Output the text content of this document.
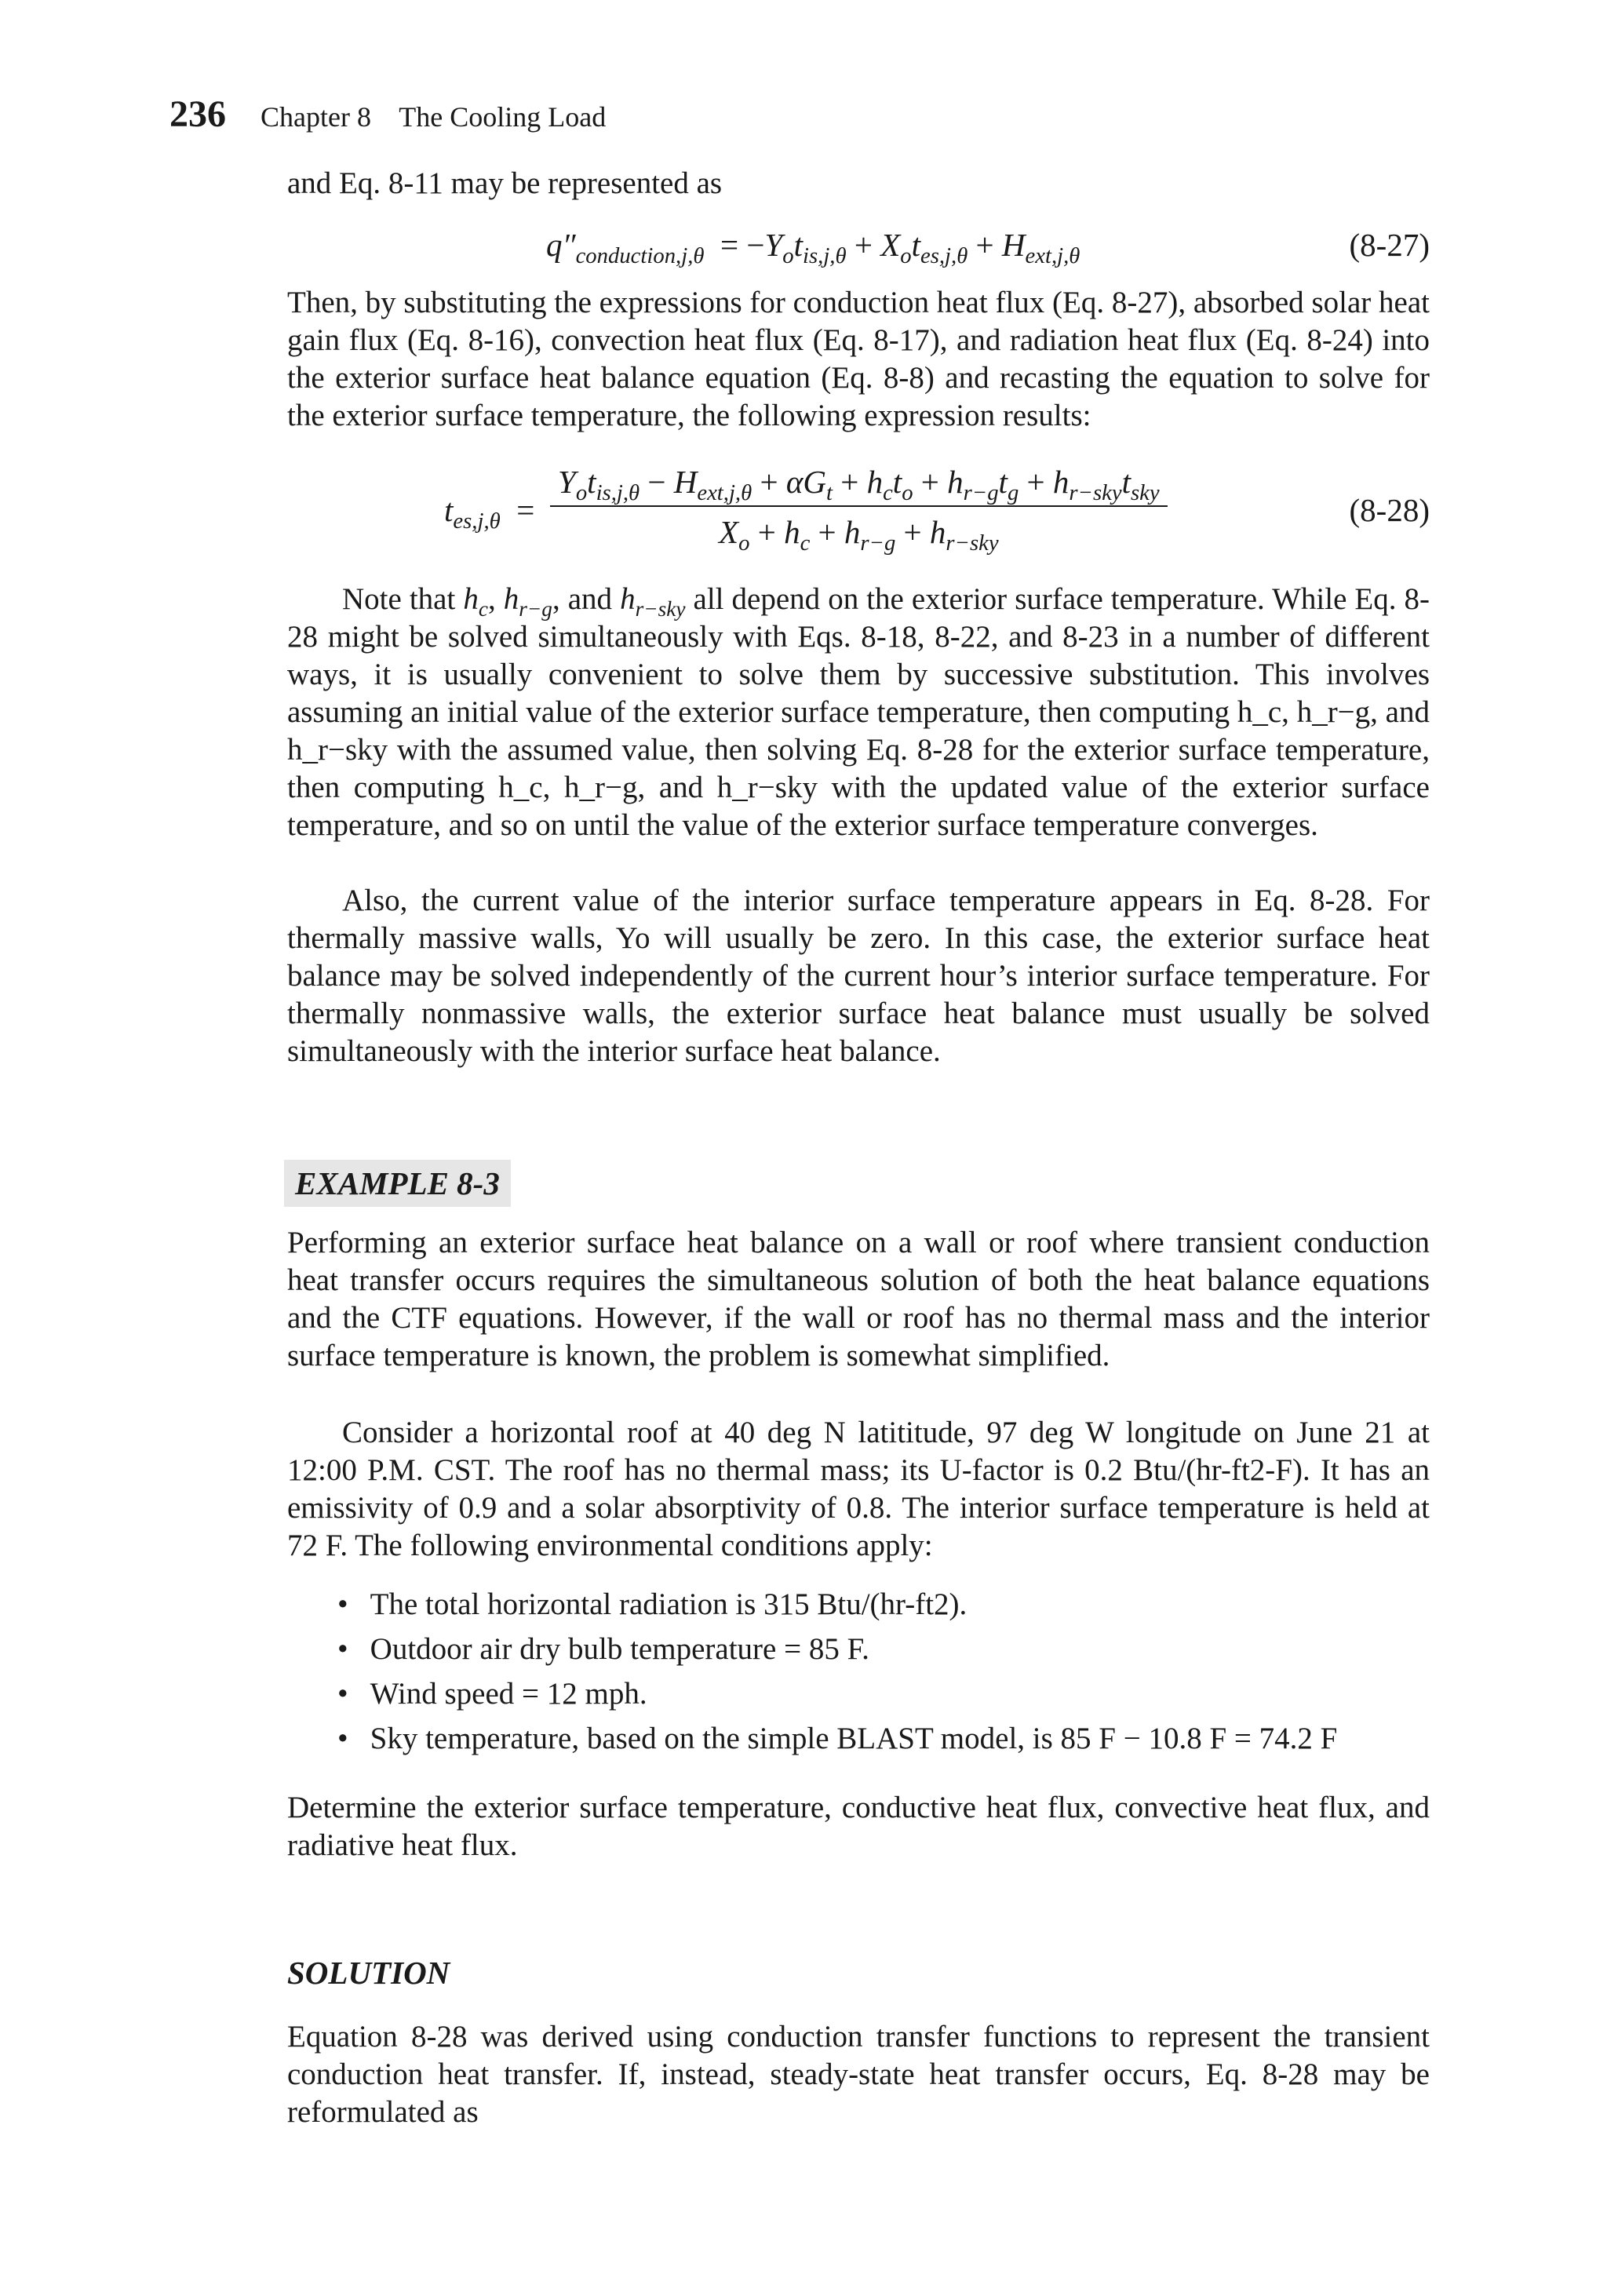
236 Chapter 8    The Cooling Load
and Eq. 8-11 may be represented as
$q''_{conduction,j,\theta} = -Y_ot_{is,j,\theta} + X_ot_{es,j,\theta} + H_{ext,j,\theta}$	(8-27)
Then, by substituting the expressions for conduction heat flux (Eq. 8-27), absorbed solar heat gain flux (Eq. 8-16), convection heat flux (Eq. 8-17), and radiation heat flux (Eq. 8-24) into the exterior surface heat balance equation (Eq. 8-8) and recasting the equation to solve for the exterior surface temperature, the following expression results:
$t_{es,j,\theta}$  =
$Y_ot_{is,j,\theta} - H_{ext,j,\theta} + \alpha G_t + h_ct_o + h_{r-g}t_g + h_{r-sky}t_{sky}$
$X_o + h_c + h_{r-g} + h_{r-sky}$
(8-28)
Note that $h_c$, $h_{r-g}$, and $h_{r-sky}$ all depend on the exterior surface temperature. While Eq. 8-28 might be solved simultaneously with Eqs. 8-18, 8-22, and 8-23 in a number of different ways, it is usually convenient to solve them by successive substitution. This involves assuming an initial value of the exterior surface temperature, then computing h_c, h_r−g, and h_r−sky with the assumed value, then solving Eq. 8-28 for the exterior surface temperature, then computing h_c, h_r−g, and h_r−sky with the updated value of the exterior surface temperature, and so on until the value of the exterior surface temperature converges.
Also, the current value of the interior surface temperature appears in Eq. 8-28. For thermally massive walls, Yo will usually be zero. In this case, the exterior surface heat balance may be solved independently of the current hour’s interior surface temperature. For thermally nonmassive walls, the exterior surface heat balance must usually be solved simultaneously with the interior surface heat balance.
EXAMPLE 8-3
Performing an exterior surface heat balance on a wall or roof where transient conduction heat transfer occurs requires the simultaneous solution of both the heat balance equations and the CTF equations. However, if the wall or roof has no thermal mass and the interior surface temperature is known, the problem is somewhat simplified.
Consider a horizontal roof at 40 deg N latititude, 97 deg W longitude on June 21 at 12:00 P.M. CST. The roof has no thermal mass; its U-factor is 0.2 Btu/(hr-ft2-F). It has an emissivity of 0.9 and a solar absorptivity of 0.8. The interior surface temperature is held at 72 F. The following environmental conditions apply:
• The total horizontal radiation is 315 Btu/(hr-ft2).
• Outdoor air dry bulb temperature = 85 F.
• Wind speed = 12 mph.
• Sky temperature, based on the simple BLAST model, is 85 F − 10.8 F = 74.2 F
Determine the exterior surface temperature, conductive heat flux, convective heat flux, and radiative heat flux.
SOLUTION
Equation 8-28 was derived using conduction transfer functions to represent the transient conduction heat transfer. If, instead, steady-state heat transfer occurs, Eq. 8-28 may be reformulated as
